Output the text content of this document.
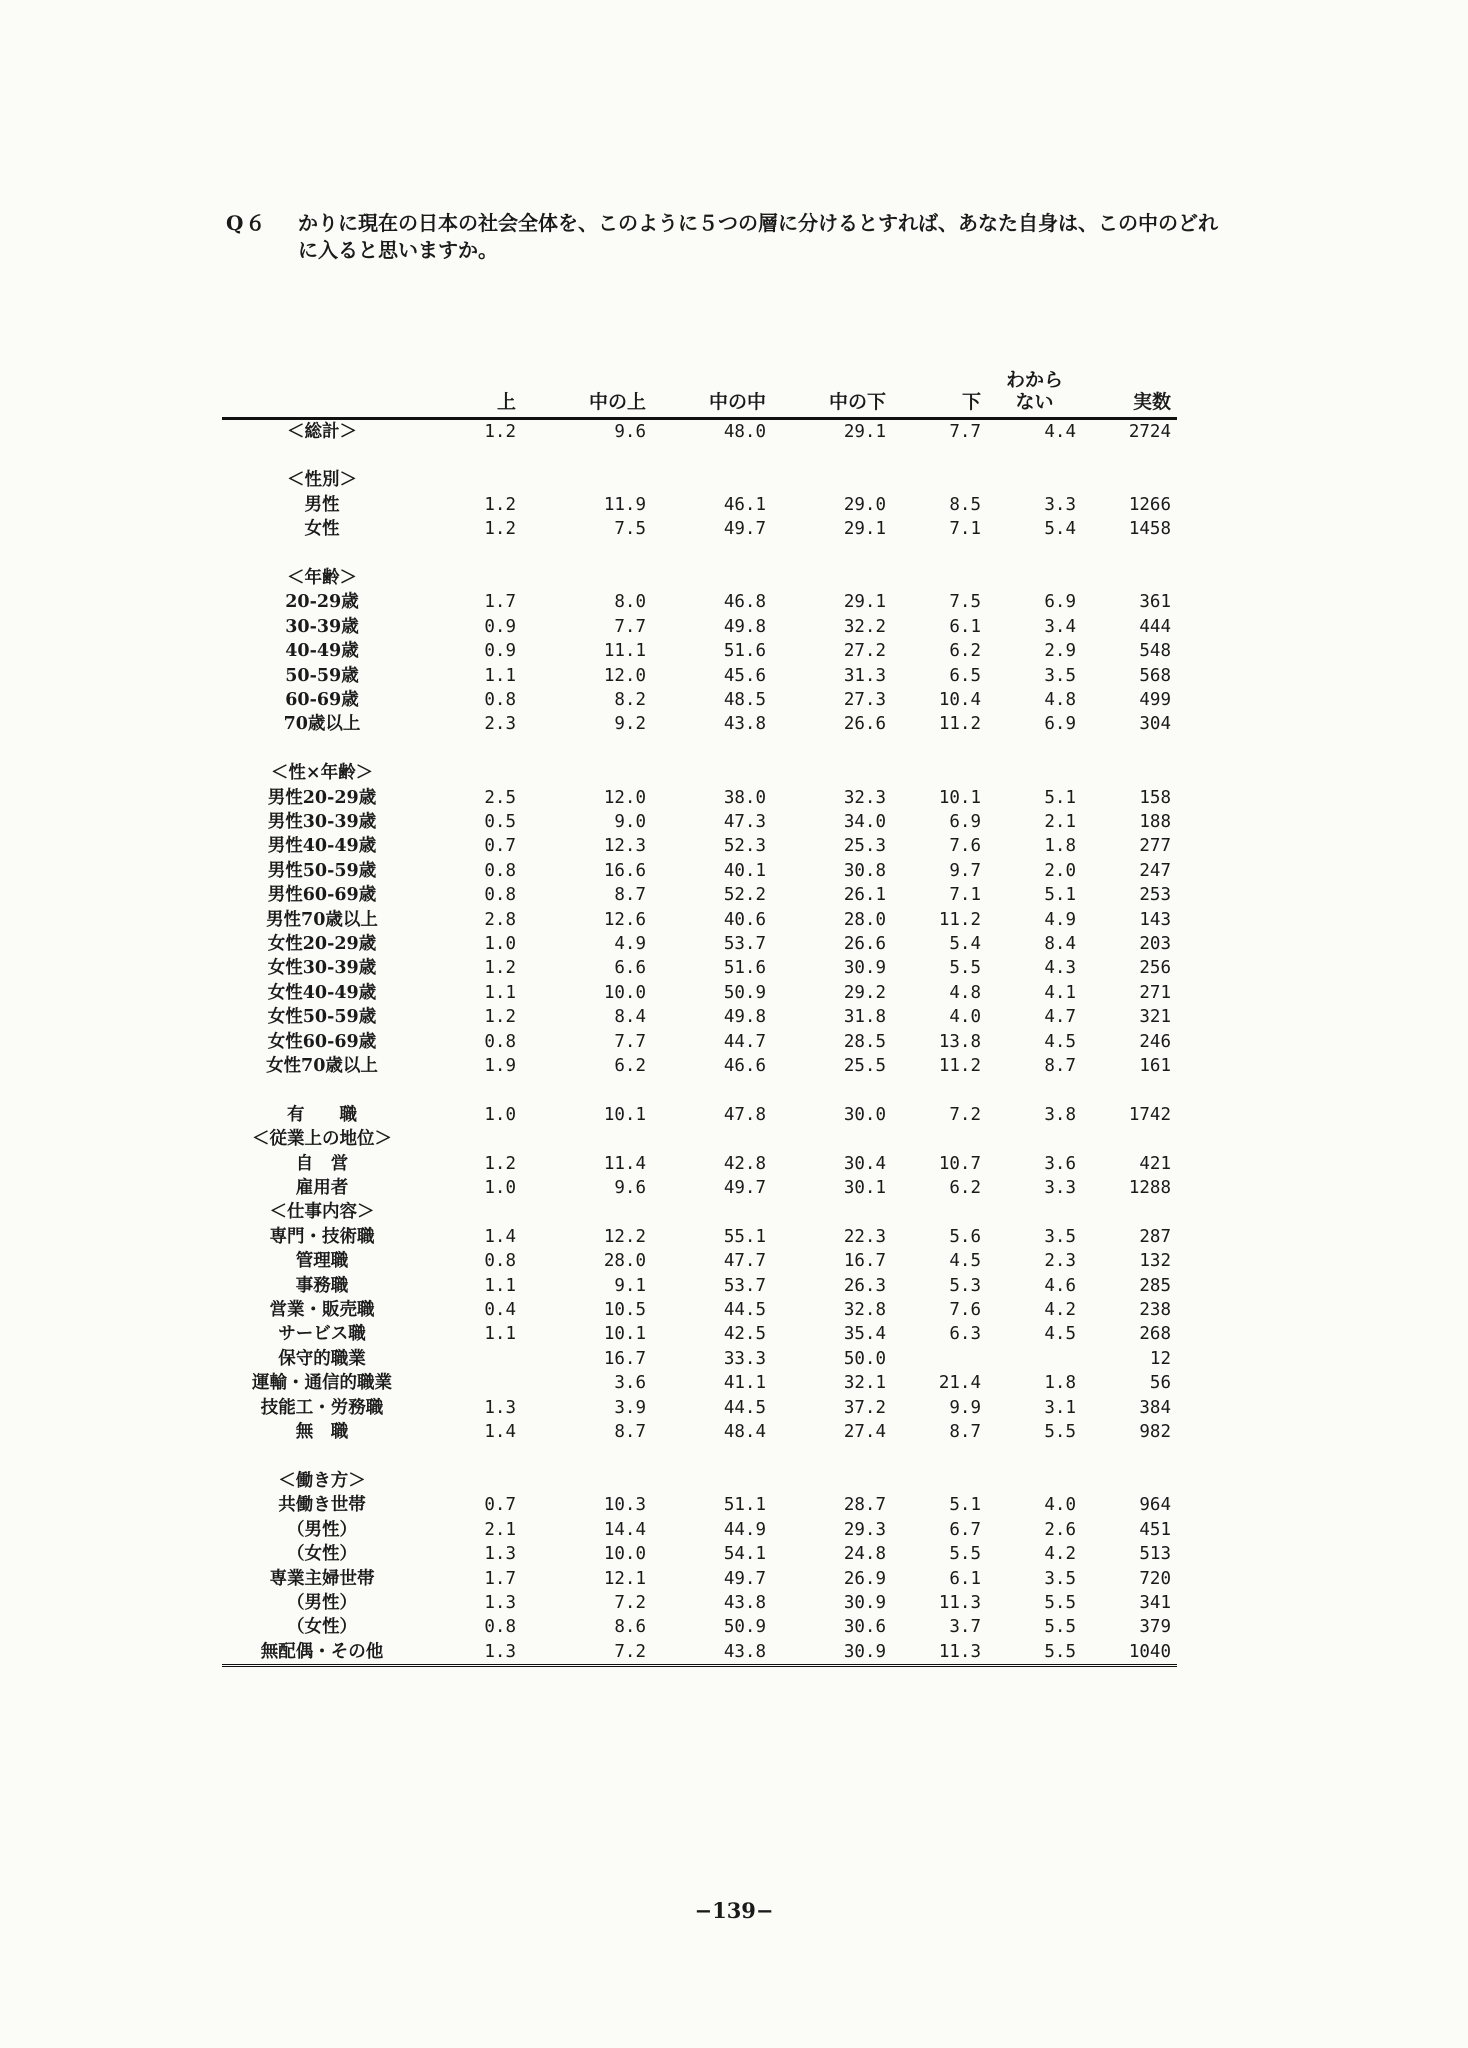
Q６ かりに現在の日本の社会全体を、このように５つの層に分けるとすれば、あなた自身は、この中のどれに入ると思いますか。
	上	中の上	中の中	中の下	下	わから
ない	実数
＜総計＞	1.2	9.6	48.0	29.1	7.7	4.4	2724

＜性別＞							
男性	1.2	11.9	46.1	29.0	8.5	3.3	1266
女性	1.2	7.5	49.7	29.1	7.1	5.4	1458

＜年齢＞							
20-29歳	1.7	8.0	46.8	29.1	7.5	6.9	361
30-39歳	0.9	7.7	49.8	32.2	6.1	3.4	444
40-49歳	0.9	11.1	51.6	27.2	6.2	2.9	548
50-59歳	1.1	12.0	45.6	31.3	6.5	3.5	568
60-69歳	0.8	8.2	48.5	27.3	10.4	4.8	499
70歳以上	2.3	9.2	43.8	26.6	11.2	6.9	304

＜性×年齢＞							
男性20-29歳	2.5	12.0	38.0	32.3	10.1	5.1	158
男性30-39歳	0.5	9.0	47.3	34.0	6.9	2.1	188
男性40-49歳	0.7	12.3	52.3	25.3	7.6	1.8	277
男性50-59歳	0.8	16.6	40.1	30.8	9.7	2.0	247
男性60-69歳	0.8	8.7	52.2	26.1	7.1	5.1	253
男性70歳以上	2.8	12.6	40.6	28.0	11.2	4.9	143
女性20-29歳	1.0	4.9	53.7	26.6	5.4	8.4	203
女性30-39歳	1.2	6.6	51.6	30.9	5.5	4.3	256
女性40-49歳	1.1	10.0	50.9	29.2	4.8	4.1	271
女性50-59歳	1.2	8.4	49.8	31.8	4.0	4.7	321
女性60-69歳	0.8	7.7	44.7	28.5	13.8	4.5	246
女性70歳以上	1.9	6.2	46.6	25.5	11.2	8.7	161

有　　職	1.0	10.1	47.8	30.0	7.2	3.8	1742
＜従業上の地位＞							
自　営	1.2	11.4	42.8	30.4	10.7	3.6	421
雇用者	1.0	9.6	49.7	30.1	6.2	3.3	1288
＜仕事内容＞							
専門・技術職	1.4	12.2	55.1	22.3	5.6	3.5	287
管理職	0.8	28.0	47.7	16.7	4.5	2.3	132
事務職	1.1	9.1	53.7	26.3	5.3	4.6	285
営業・販売職	0.4	10.5	44.5	32.8	7.6	4.2	238
サービス職	1.1	10.1	42.5	35.4	6.3	4.5	268
保守的職業		16.7	33.3	50.0			12
運輸・通信的職業		3.6	41.1	32.1	21.4	1.8	56
技能工・労務職	1.3	3.9	44.5	37.2	9.9	3.1	384
無　職	1.4	8.7	48.4	27.4	8.7	5.5	982

＜働き方＞							
共働き世帯	0.7	10.3	51.1	28.7	5.1	4.0	964
（男性）	2.1	14.4	44.9	29.3	6.7	2.6	451
（女性）	1.3	10.0	54.1	24.8	5.5	4.2	513
専業主婦世帯	1.7	12.1	49.7	26.9	6.1	3.5	720
（男性）	1.3	7.2	43.8	30.9	11.3	5.5	341
（女性）	0.8	8.6	50.9	30.6	3.7	5.5	379
無配偶・その他	1.3	7.2	43.8	30.9	11.3	5.5	1040
−139−
